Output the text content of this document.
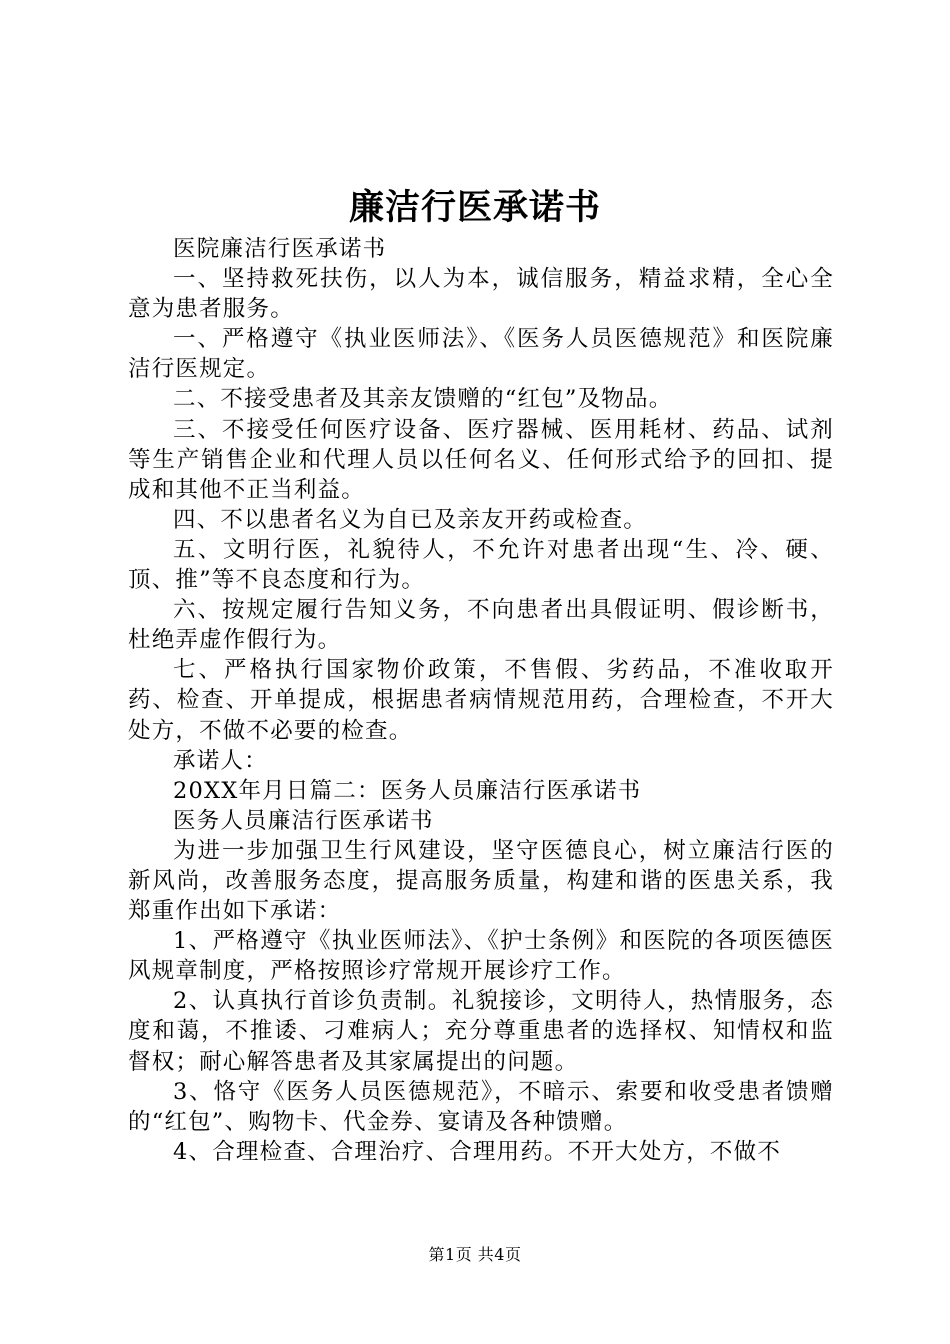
廉洁行医承诺书

医院廉洁行医承诺书

一、坚持救死扶伤，以人为本，诚信服务，精益求精，全心全意为患者服务。

一、严格遵守《执业医师法》、《医务人员医德规范》和医院廉洁行医规定。

二、不接受患者及其亲友馈赠的“红包”及物品。

三、不接受任何医疗设备、医疗器械、医用耗材、药品、试剂等生产销售企业和代理人员以任何名义、任何形式给予的回扣、提成和其他不正当利益。

四、不以患者名义为自已及亲友开药或检查。

五、文明行医，礼貌待人，不允许对患者出现“生、冷、硬、顶、推”等不良态度和行为。

六、按规定履行告知义务，不向患者出具假证明、假诊断书，杜绝弄虚作假行为。

七、严格执行国家物价政策，不售假、劣药品，不准收取开药、检查、开单提成，根据患者病情规范用药，合理检查，不开大处方，不做不必要的检查。

承诺人：

20XX年月日篇二：医务人员廉洁行医承诺书

医务人员廉洁行医承诺书

为进一步加强卫生行风建设，坚守医德良心，树立廉洁行医的新风尚，改善服务态度，提高服务质量，构建和谐的医患关系，我郑重作出如下承诺：

1、严格遵守《执业医师法》、《护士条例》和医院的各项医德医风规章制度，严格按照诊疗常规开展诊疗工作。

2、认真执行首诊负责制。礼貌接诊，文明待人，热情服务，态度和蔼，不推诿、刁难病人；充分尊重患者的选择权、知情权和监督权；耐心解答患者及其家属提出的问题。

3、恪守《医务人员医德规范》，不暗示、索要和收受患者馈赠的“红包”、购物卡、代金券、宴请及各种馈赠。

4、合理检查、合理治疗、合理用药。不开大处方，不做不

第1页 共4页
